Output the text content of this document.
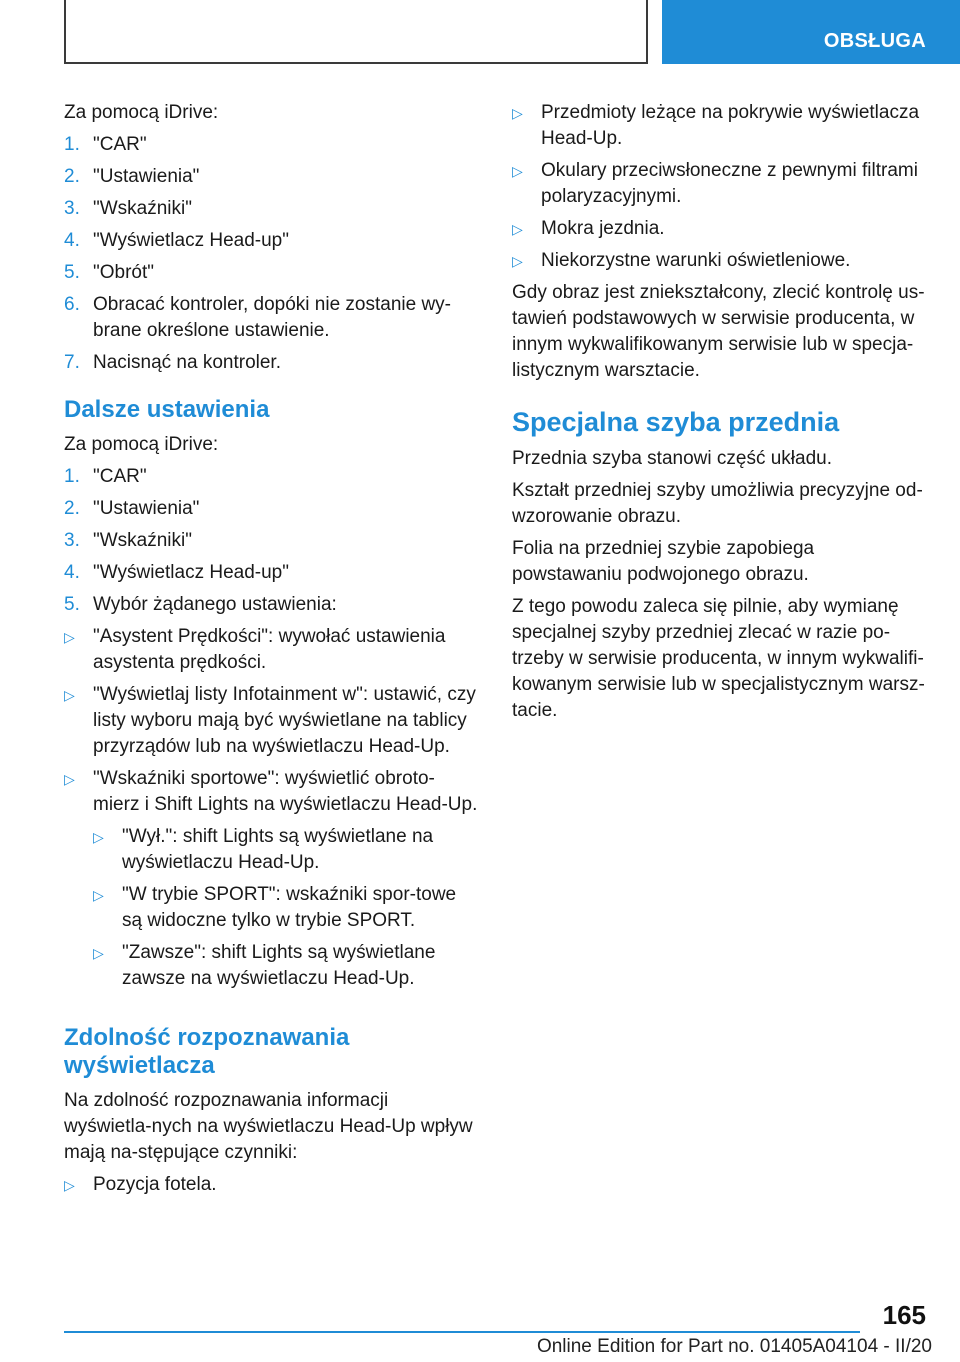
OBSŁUGA

Za pomocą iDrive:

1. "CAR"
2. "Ustawienia"
3. "Wskaźniki"
4. "Wyświetlacz Head-up"
5. "Obrót"
6. Obracać kontroler, dopóki nie zostanie wy-brane określone ustawienie.
7. Nacisnąć na kontroler.
Dalsze ustawienia

Za pomocą iDrive:

1. "CAR"
2. "Ustawienia"
3. "Wskaźniki"
4. "Wyświetlacz Head-up"
5. Wybór żądanego ustawienia:
▷ "Asystent Prędkości": wywołać ustawienia asystenta prędkości.
▷ "Wyświetlaj listy Infotainment w": ustawić, czy listy wyboru mają być wyświetlane na tablicy przyrządów lub na wyświetlaczu Head-Up.
▷ "Wskaźniki sportowe": wyświetlić obroto-mierz i Shift Lights na wyświetlaczu Head-Up.
▷ "Wył.": shift Lights są wyświetlane na wyświetlaczu Head-Up.
▷ "W trybie SPORT": wskaźniki spor-towe są widoczne tylko w trybie SPORT.
▷ "Zawsze": shift Lights są wyświetlane zawsze na wyświetlaczu Head-Up.
Zdolność rozpoznawania wyświetlacza

Na zdolność rozpoznawania informacji wyświetla-nych na wyświetlaczu Head-Up wpływ mają na-stępujące czynniki:

▷ Pozycja fotela.
▷ Przedmioty leżące na pokrywie wyświetlacza Head-Up.
▷ Okulary przeciwsłoneczne z pewnymi filtrami polaryzacyjnymi.
▷ Mokra jezdnia.
▷ Niekorzystne warunki oświetleniowe.

Gdy obraz jest zniekształcony, zlecić kontrolę us-tawień podstawowych w serwisie producenta, w innym wykwalifikowanym serwisie lub w specja-listycznym warsztacie.

Specjalna szyba przednia

Przednia szyba stanowi część układu.

Kształt przedniej szyby umożliwia precyzyjne od-wzorowanie obrazu.

Folia na przedniej szybie zapobiega powstawaniu podwojonego obrazu.

Z tego powodu zaleca się pilnie, aby wymianę specjalnej szyby przedniej zlecać w razie po-trzeby w serwisie producenta, w innym wykwalifi-kowanym serwisie lub w specjalistycznym warsz-tacie.

165
Online Edition for Part no. 01405A04104 - II/20
